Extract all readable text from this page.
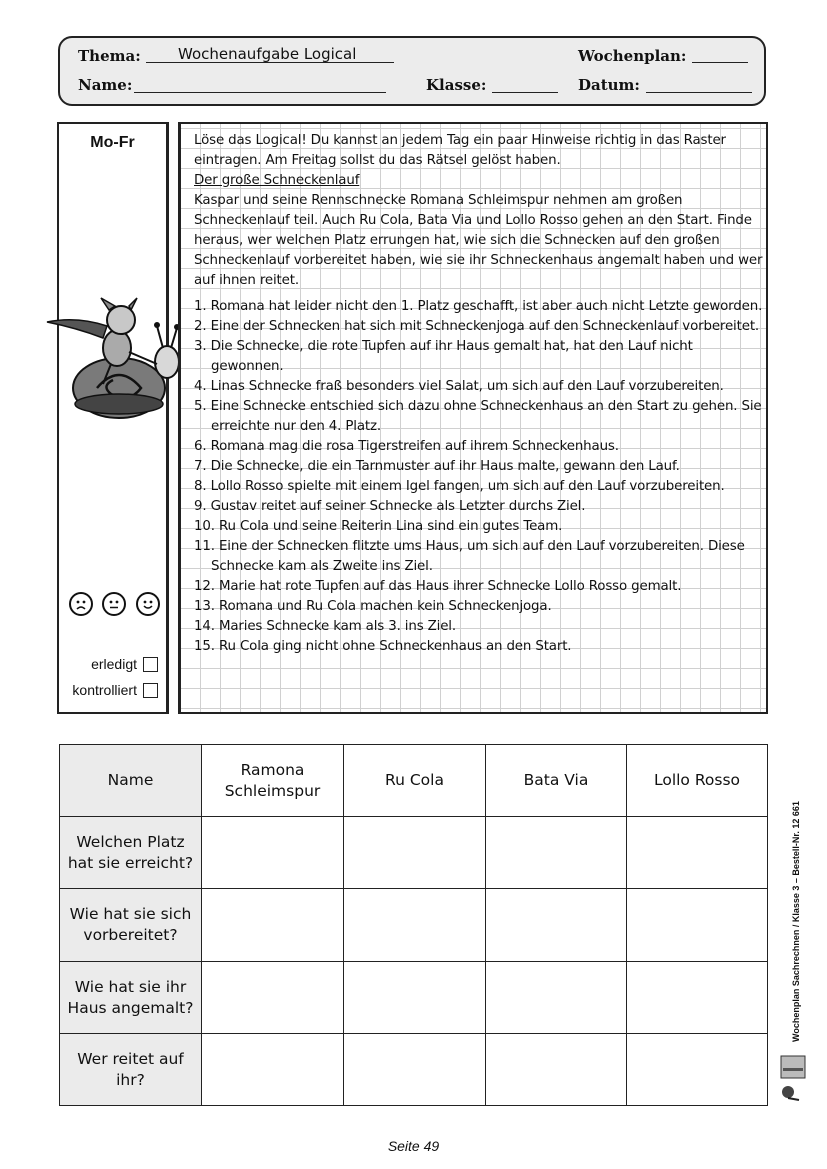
Thema: Wochenaufgabe Logical	Wochenplan:
Name:	Klasse:	Datum:
Mo-Fr
erledigt
kontrolliert

Löse das Logical! Du kannst an jedem Tag ein paar Hinweise richtig in das Raster eintragen. Am Freitag sollst du das Rätsel gelöst haben.

Der große Schneckenlauf

Kaspar und seine Rennschnecke Romana Schleimspur nehmen am großen Schneckenlauf teil. Auch Ru Cola, Bata Via und Lollo Rosso gehen an den Start. Finde heraus, wer welchen Platz errungen hat, wie sich die Schnecken auf den großen Schneckenlauf vorbereitet haben, wie sie ihr Schneckenhaus angemalt haben und wer auf ihnen reitet.

1. Romana hat leider nicht den 1. Platz geschafft, ist aber auch nicht Letzte geworden.

2. Eine der Schnecken hat sich mit Schneckenjoga auf den Schneckenlauf vorbereitet.

3. Die Schnecke, die rote Tupfen auf ihr Haus gemalt hat, hat den Lauf nicht gewonnen.

4. Linas Schnecke fraß besonders viel Salat, um sich auf den Lauf vorzubereiten.

5. Eine Schnecke entschied sich dazu ohne Schneckenhaus an den Start zu gehen. Sie erreichte nur den 4. Platz.

6. Romana mag die rosa Tigerstreifen auf ihrem Schneckenhaus.

7. Die Schnecke, die ein Tarnmuster auf ihr Haus malte, gewann den Lauf.

8. Lollo Rosso spielte mit einem Igel fangen, um sich auf den Lauf vorzubereiten.

9. Gustav reitet auf seiner Schnecke als Letzter durchs Ziel.

10. Ru Cola und seine Reiterin Lina sind ein gutes Team.

11. Eine der Schnecken flitzte ums Haus, um sich auf den Lauf vorzubereiten. Diese Schnecke kam als Zweite ins Ziel.

12. Marie hat rote Tupfen auf das Haus ihrer Schnecke Lollo Rosso gemalt.

13. Romana und Ru Cola machen kein Schneckenjoga.

14. Maries Schnecke kam als 3. ins Ziel.

15. Ru Cola ging nicht ohne Schneckenhaus an den Start.

Name	Ramona Schleimspur	Ru Cola	Bata Via	Lollo Rosso
Welchen Platz hat sie erreicht?				
Wie hat sie sich vorbereitet?				
Wie hat sie ihr Haus angemalt?				
Wer reitet auf ihr?				
Wochenplan Sachrechnen / Klasse 3 – Bestell-Nr. 12 661
Seite 49
